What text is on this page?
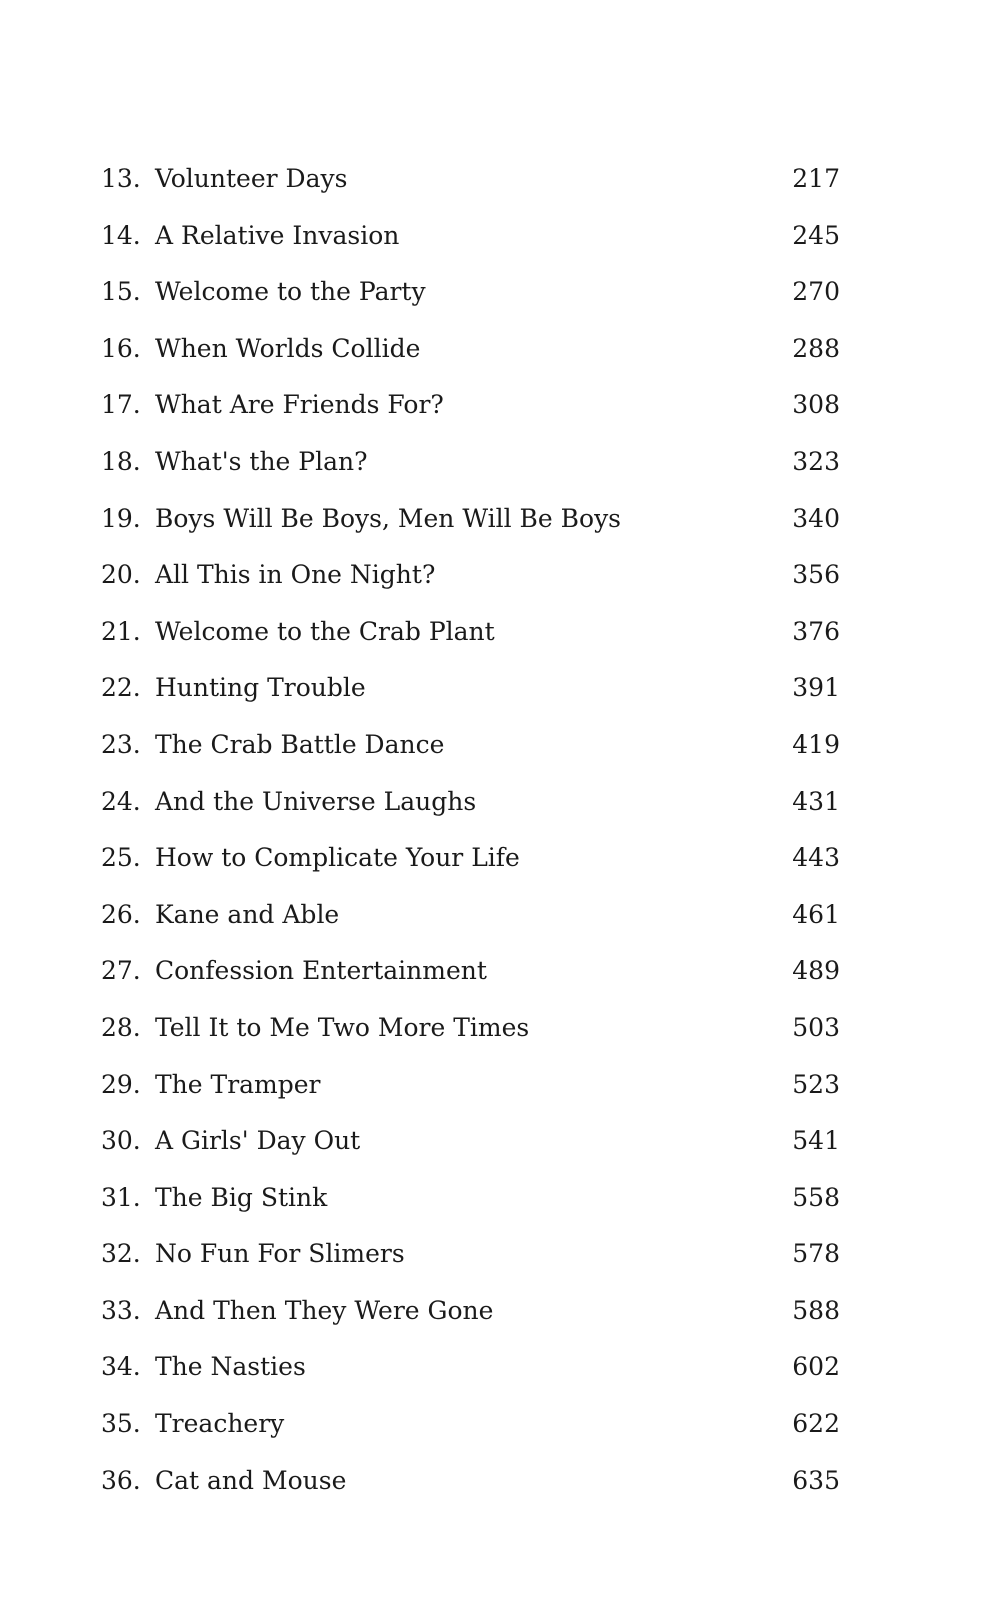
13. Volunteer Days	217
14. A Relative Invasion	245
15. Welcome to the Party	270
16. When Worlds Collide	288
17. What Are Friends For?	308
18. What's the Plan?	323
19. Boys Will Be Boys, Men Will Be Boys	340
20. All This in One Night?	356
21. Welcome to the Crab Plant	376
22. Hunting Trouble	391
23. The Crab Battle Dance	419
24. And the Universe Laughs	431
25. How to Complicate Your Life	443
26. Kane and Able	461
27. Confession Entertainment	489
28. Tell It to Me Two More Times	503
29. The Tramper	523
30. A Girls' Day Out	541
31. The Big Stink	558
32. No Fun For Slimers	578
33. And Then They Were Gone	588
34. The Nasties	602
35. Treachery	622
36. Cat and Mouse	635
